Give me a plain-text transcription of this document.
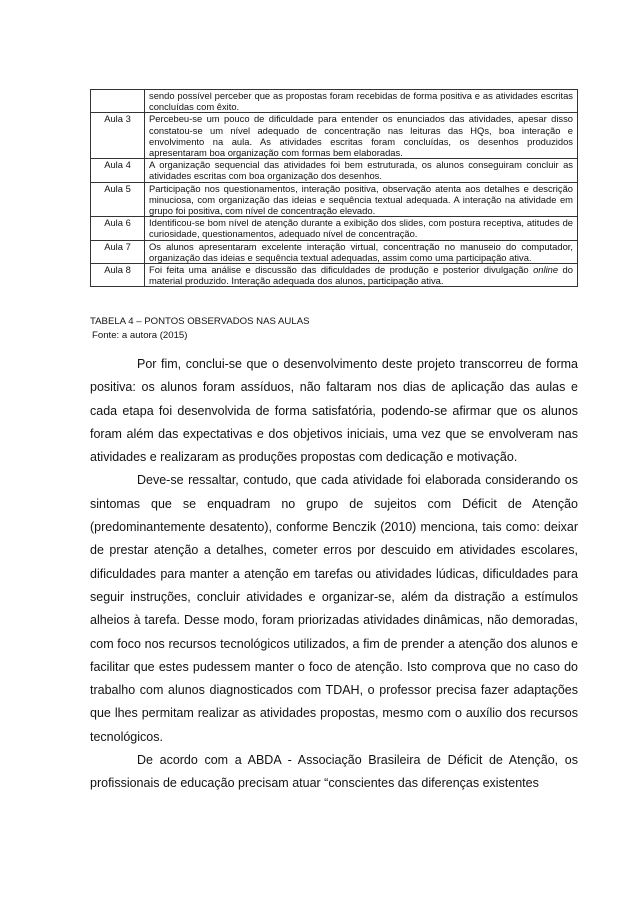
	sendo possível perceber que as propostas foram recebidas de forma positiva e as atividades escritas concluídas com êxito.
Aula 3	Percebeu-se um pouco de dificuldade para entender os enunciados das atividades, apesar disso constatou-se um nível adequado de concentração nas leituras das HQs, boa interação e envolvimento na aula. As atividades escritas foram concluídas, os desenhos produzidos apresentaram boa organização com formas bem elaboradas.
Aula 4	A organização sequencial das atividades foi bem estruturada, os alunos conseguiram concluir as atividades escritas com boa organização dos desenhos.
Aula 5	Participação nos questionamentos, interação positiva, observação atenta aos detalhes e descrição minuciosa, com organização das ideias e sequência textual adequada. A interação na atividade em grupo foi positiva, com nível de concentração elevado.
Aula 6	Identificou-se bom nível de atenção durante a exibição dos slides, com postura receptiva, atitudes de curiosidade, questionamentos, adequado nível de concentração.
Aula 7	Os alunos apresentaram excelente interação virtual, concentração no manuseio do computador, organização das ideias e sequência textual adequadas, assim como uma participação ativa.
Aula 8	Foi feita uma análise e discussão das dificuldades de produção e posterior divulgação online do material produzido. Interação adequada dos alunos, participação ativa.
TABELA 4 – PONTOS OBSERVADOS NAS AULAS
Fonte: a autora (2015)

Por fim, conclui-se que o desenvolvimento deste projeto transcorreu de forma positiva: os alunos foram assíduos, não faltaram nos dias de aplicação das aulas e cada etapa foi desenvolvida de forma satisfatória, podendo-se afirmar que os alunos foram além das expectativas e dos objetivos iniciais, uma vez que se envolveram nas atividades e realizaram as produções propostas com dedicação e motivação.

Deve-se ressaltar, contudo, que cada atividade foi elaborada considerando os sintomas que se enquadram no grupo de sujeitos com Déficit de Atenção (predominantemente desatento), conforme Benczik (2010) menciona, tais como: deixar de prestar atenção a detalhes, cometer erros por descuido em atividades escolares, dificuldades para manter a atenção em tarefas ou atividades lúdicas, dificuldades para seguir instruções, concluir atividades e organizar-se, além da distração a estímulos alheios à tarefa. Desse modo, foram priorizadas atividades dinâmicas, não demoradas, com foco nos recursos tecnológicos utilizados, a fim de prender a atenção dos alunos e facilitar que estes pudessem manter o foco de atenção. Isto comprova que no caso do trabalho com alunos diagnosticados com TDAH, o professor precisa fazer adaptações que lhes permitam realizar as atividades propostas, mesmo com o auxílio dos recursos tecnológicos.

De acordo com a ABDA - Associação Brasileira de Déficit de Atenção, os profissionais de educação precisam atuar “conscientes das diferenças existentes
